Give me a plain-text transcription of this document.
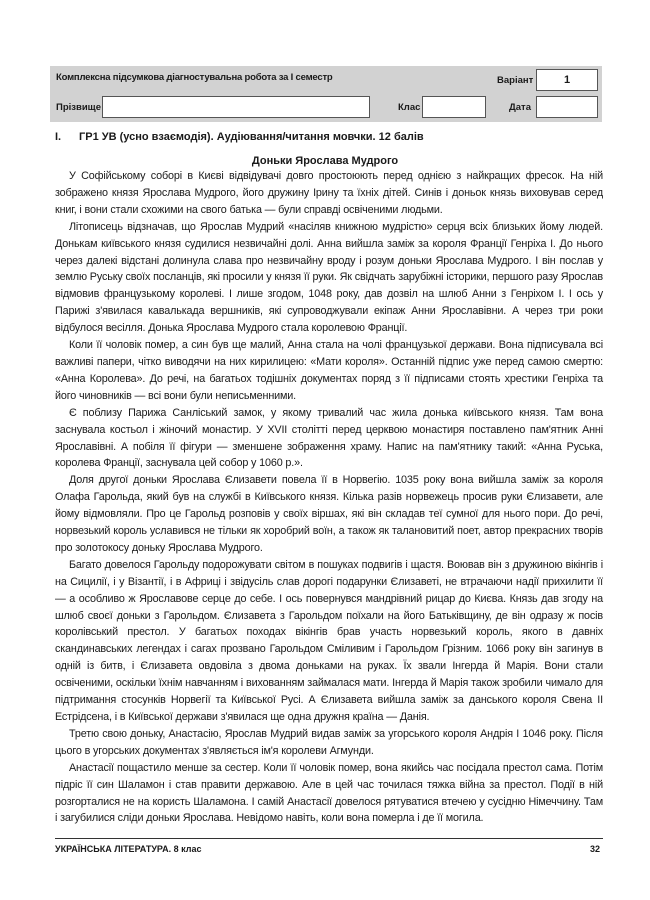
Комплексна підсумкова діагностувальна робота за І семестр	Варіант	1
Прізвище	Клас	Дата
I. ГР1 УВ (усно взаємодія). Аудіювання/читання мовчки. 12 балів
Доньки Ярослава Мудрого

У Софійському соборі в Києві відвідувачі довго простоюють перед однією з найкращих фресок. На ній зображено князя Ярослава Мудрого, його дружину Ірину та їхніх дітей. Синів і доньок князь виховував серед книг, і вони стали схожими на свого батька — були справді освіченими людьми.

Літописець відзначав, що Ярослав Мудрий «насіляв книжною мудрістю» серця всіх близьких йому людей. Донькам київського князя судилися незвичайні долі. Анна вийшла заміж за короля Франції Генріха І. До нього через далекі відстані долинула слава про незвичайну вроду і розум доньки Ярослава Мудрого. І він послав у землю Руську своїх посланців, які просили у князя її руки. Як свідчать зарубіжні історики, першого разу Ярослав відмовив французькому королеві. І лише згодом, 1048 року, дав дозвіл на шлюб Анни з Генріхом І. І ось у Парижі з'явилася кавалькада вершників, які супроводжували екіпаж Анни Ярославівни. А через три роки відбулося весілля. Донька Ярослава Мудрого стала королевою Франції.

Коли її чоловік помер, а син був ще малий, Анна стала на чолі французької держави. Вона підписувала всі важливі папери, чітко виводячи на них кирилицею: «Мати короля». Останній підпис уже перед самою смертю: «Анна Королева». До речі, на багатьох тодішніх документах поряд з її підписами стоять хрестики Генріха та його чиновників — всі вони були неписьменними.

Є поблизу Парижа Санліський замок, у якому тривалий час жила донька київського князя. Там вона заснувала костьол і жіночий монастир. У XVII столітті перед церквою монастиря поставлено пам'ятник Анні Ярославівні. А побіля її фігури — зменшене зображення храму. Напис на пам'ятнику такий: «Анна Руська, королева Франції, заснувала цей собор у 1060 р.».

Доля другої доньки Ярослава Єлизавети повела її в Норвегію. 1035 року вона вийшла заміж за короля Олафа Гарольда, який був на службі в Київського князя. Кілька разів норвежець просив руки Єлизавети, але йому відмовляли. Про це Гарольд розповів у своїх віршах, які він складав теї сумної для нього пори. До речі, норвезький король уславився не тільки як хоробрий воїн, а також як талановитий поет, автор прекрасних творів про золотокосу доньку Ярослава Мудрого.

Багато довелося Гарольду подорожувати світом в пошуках подвигів і щастя. Воював він з дружиною вікінгів і на Сицилії, і у Візантії, і в Африці і звідусіль слав дорогі подарунки Єлизаветі, не втрачаючи надії прихилити її — а особливо ж Ярославове серце до себе. І ось повернувся мандрівний рицар до Києва. Князь дав згоду на шлюб своєї доньки з Гарольдом. Єлизавета з Гарольдом поїхали на його Батьківщину, де він одразу ж посів королівський престол. У багатьох походах вікінгів брав участь норвезький король, якого в давніх скандинавських легендах і сагах прозвано Гарольдом Сміливим і Гарольдом Грізним. 1066 року він загинув в одній із битв, і Єлизавета овдовіла з двома доньками на руках. Їх звали Інгерда й Марія. Вони стали освіченими, оскільки їхнім навчанням і вихованням займалася мати. Інгерда й Марія також зробили чимало для підтримання стосунків Норвегії та Київської Русі. А Єлизавета вийшла заміж за данського короля Свена ІІ Естрідсена, і в Київської держави з'явилася ще одна дружня країна — Данія.

Третю свою доньку, Анастасію, Ярослав Мудрий видав заміж за угорського короля Андрія І 1046 року. Після цього в угорських документах з'являється ім'я королеви Агмунди.

Анастасії пощастило менше за сестер. Коли її чоловік помер, вона якийсь час посідала престол сама. Потім підріс її син Шаламон і став правити державою. Але в цей час точилася тяжка війна за престол. Події в ній розгорталися не на користь Шаламона. І самій Анастасії довелося рятуватися втечею у сусідню Німеччину. Там і загубилися сліди доньки Ярослава. Невідомо навіть, коли вона померла і де її могила.

УКРАЇНСЬКА ЛІТЕРАТУРА. 8 клас	32
